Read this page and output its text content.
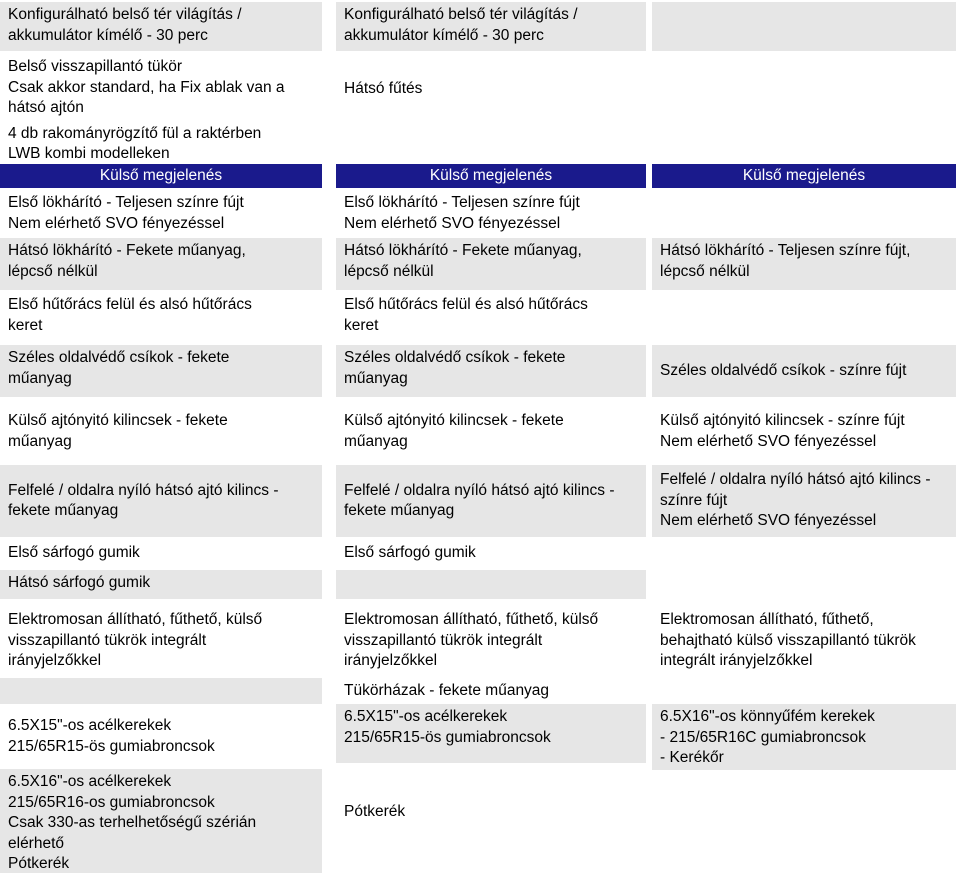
Konfigurálható belső tér világítás /
akkumulátor kímélő - 30 perc
Belső visszapillantó tükör
Csak akkor standard, ha Fix ablak van a
hátsó ajtón
4 db rakományrögzítő fül a raktérben
LWB kombi modelleken
Külső megjelenés	Külső megjelenés	Külső megjelenés
Első lökhárító - Teljesen színre fújt
Nem elérhető SVO fényezéssel
Hátsó lökhárító - Fekete műanyag,
lépcső nélkül
Első hűtőrács felül és alsó hűtőrács
keret
Széles oldalvédő csíkok - fekete
műanyag
Külső ajtónyitó kilincsek - fekete
műanyag
Felfelé / oldalra nyíló hátsó ajtó kilincs -
fekete műanyag
Első sárfogó gumik
Hátsó sárfogó gumik
Elektromosan állítható, fűthető, külső
visszapillantó tükrök integrált
irányjelzőkkel
6.5X15"-os acélkerekek
215/65R15-ös gumiabroncsok
6.5X16"-os acélkerekek
215/65R16-os gumiabroncsok
Csak 330-as terhelhetőségű szérián
elérhető
Pótkerék
Konfigurálható belső tér világítás /
akkumulátor kímélő - 30 perc
Hátsó fűtés
Első lökhárító - Teljesen színre fújt
Nem elérhető SVO fényezéssel
Hátsó lökhárító - Fekete műanyag,
lépcső nélkül
Első hűtőrács felül és alsó hűtőrács
keret
Széles oldalvédő csíkok - fekete
műanyag
Külső ajtónyitó kilincsek - fekete
műanyag
Felfelé / oldalra nyíló hátsó ajtó kilincs -
fekete műanyag
Első sárfogó gumik
Elektromosan állítható, fűthető, külső
visszapillantó tükrök integrált
irányjelzőkkel
Tükörházak - fekete műanyag
6.5X15"-os acélkerekek
215/65R15-ös gumiabroncsok
Pótkerék
Hátsó lökhárító - Teljesen színre fújt,
lépcső nélkül
Széles oldalvédő csíkok - színre fújt
Külső ajtónyitó kilincsek - színre fújt
Nem elérhető SVO fényezéssel
Felfelé / oldalra nyíló hátsó ajtó kilincs -
színre fújt
Nem elérhető SVO fényezéssel
Elektromosan állítható, fűthető,
behajtható külső visszapillantó tükrök
integrált irányjelzőkkel
6.5X16"-os könnyűfém kerekek
- 215/65R16C gumiabroncsok
- Kerékőr
